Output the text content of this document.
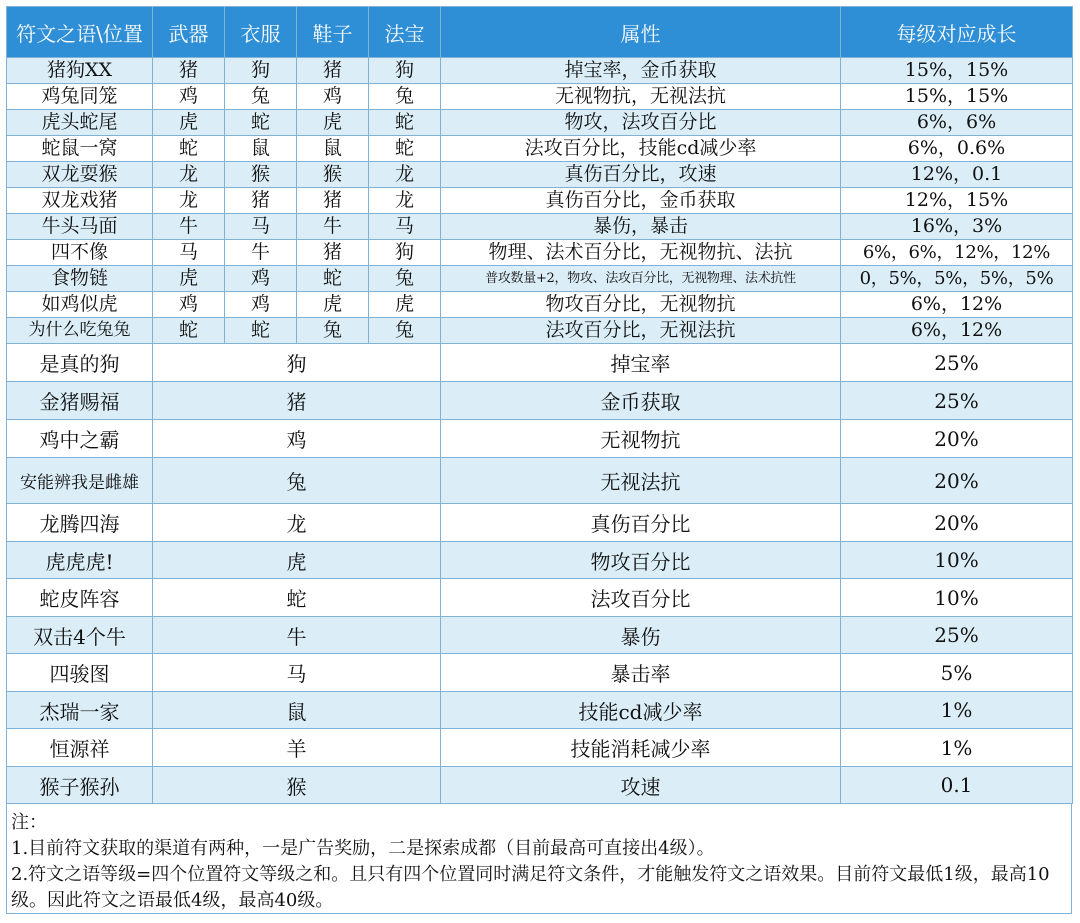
符文之语\位置	武器	衣服	鞋子	法宝	属性	每级对应成长
猪狗XX	猪	狗	猪	狗	掉宝率，金币获取	15%，15%
鸡兔同笼	鸡	兔	鸡	兔	无视物抗，无视法抗	15%，15%
虎头蛇尾	虎	蛇	虎	蛇	物攻，法攻百分比	6%，6%
蛇鼠一窝	蛇	鼠	鼠	蛇	法攻百分比，技能cd减少率	6%，0.6%
双龙耍猴	龙	猴	猴	龙	真伤百分比，攻速	12%，0.1
双龙戏猪	龙	猪	猪	龙	真伤百分比，金币获取	12%，15%
牛头马面	牛	马	牛	马	暴伤，暴击	16%，3%
四不像	马	牛	猪	狗	物理、法术百分比，无视物抗、法抗	6%，6%，12%，12%
食物链	虎	鸡	蛇	兔	普攻数量+2，物攻、法攻百分比，无视物理、法术抗性	0，5%，5%，5%，5%
如鸡似虎	鸡	鸡	虎	虎	物攻百分比，无视物抗	6%，12%
为什么吃兔兔	蛇	蛇	兔	兔	法攻百分比，无视法抗	6%，12%
是真的狗	狗				掉宝率	25%
金猪赐福	猪				金币获取	25%
鸡中之霸	鸡				无视物抗	20%
安能辨我是雌雄	兔				无视法抗	20%
龙腾四海	龙				真伤百分比	20%
虎虎虎!	虎				物攻百分比	10%
蛇皮阵容	蛇				法攻百分比	10%
双击4个牛	牛				暴伤	25%
四骏图	马				暴击率	5%
杰瑞一家	鼠				技能cd减少率	1%
恒源祥	羊				技能消耗减少率	1%
猴子猴孙	猴				攻速	0.1

注：

1.目前符文获取的渠道有两种，一是广告奖励，二是探索成都（目前最高可直接出4级）。

2.符文之语等级=四个位置符文等级之和。且只有四个位置同时满足符文条件，才能触发符文之语效果。目前符文最低1级，最高10级。因此符文之语最低4级，最高40级。
